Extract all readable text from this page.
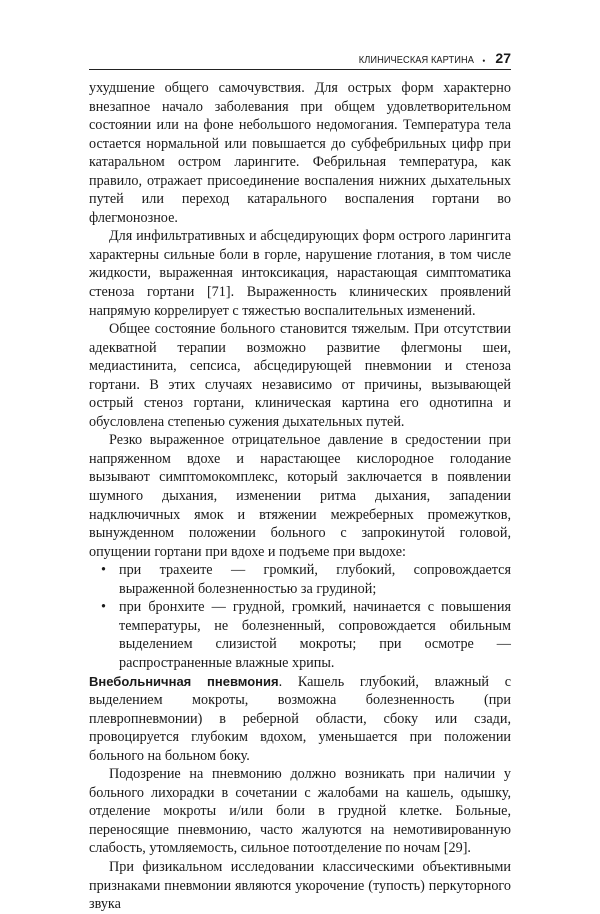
КЛИНИЧЕСКАЯ КАРТИНА • 27

ухудшение общего самочувствия. Для острых форм характерно внезапное начало заболевания при общем удовлетворительном состоянии или на фоне небольшого недомогания. Температура тела остается нормальной или повышается до субфебрильных цифр при катаральном остром ларингите. Фебрильная температура, как правило, отражает присоединение воспаления нижних дыхательных путей или переход катарального воспаления гортани во флегмонозное.

Для инфильтративных и абсцедирующих форм острого ларингита характерны сильные боли в горле, нарушение глотания, в том числе жидкости, выраженная интоксикация, нарастающая симптоматика стеноза гортани [71]. Выраженность клинических проявлений напрямую коррелирует с тяжестью воспалительных изменений.

Общее состояние больного становится тяжелым. При отсутствии адекватной терапии возможно развитие флегмоны шеи, медиастинита, сепсиса, абсцедирующей пневмонии и стеноза гортани. В этих случаях независимо от причины, вызывающей острый стеноз гортани, клиническая картина его однотипна и обусловлена степенью сужения дыхательных путей.

Резко выраженное отрицательное давление в средостении при напряженном вдохе и нарастающее кислородное голодание вызывают симптомокомплекс, который заключается в появлении шумного дыхания, изменении ритма дыхания, западении надключичных ямок и втяжении межреберных промежутков, вынужденном положении больного с запрокинутой головой, опущении гортани при вдохе и подъеме при выдохе:

• при трахеите — громкий, глубокий, сопровождается выраженной болезненностью за грудиной;
• при бронхите — грудной, громкий, начинается с повышения температуры, не болезненный, сопровождается обильным выделением слизистой мокроты; при осмотре — распространенные влажные хрипы.

Внебольничная пневмония. Кашель глубокий, влажный с выделением мокроты, возможна болезненность (при плевропневмонии) в реберной области, сбоку или сзади, провоцируется глубоким вдохом, уменьшается при положении больного на больном боку.

Подозрение на пневмонию должно возникать при наличии у больного лихорадки в сочетании с жалобами на кашель, одышку, отделение мокроты и/или боли в грудной клетке. Больные, переносящие пневмонию, часто жалуются на немотивированную слабость, утомляемость, сильное потоотделение по ночам [29].

При физикальном исследовании классическими объективными признаками пневмонии являются укорочение (тупость) перкуторного звука
